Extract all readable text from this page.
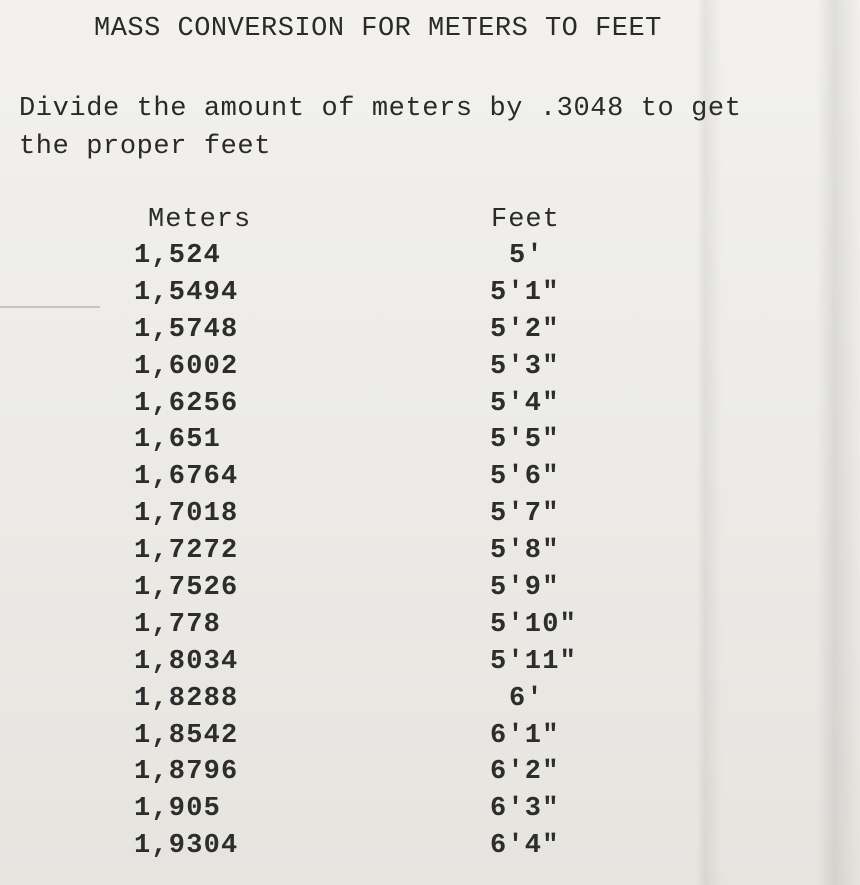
MASS CONVERSION FOR METERS TO FEET
Divide the amount of meters by .3048 to get
the proper feet
Meters	Feet
1,524	5'
1,5494	5'1"
1,5748	5'2"
1,6002	5'3"
1,6256	5'4"
1,651	5'5"
1,6764	5'6"
1,7018	5'7"
1,7272	5'8"
1,7526	5'9"
1,778	5'10"
1,8034	5'11"
1,8288	6'
1,8542	6'1"
1,8796	6'2"
1,905	6'3"
1,9304	6'4"
